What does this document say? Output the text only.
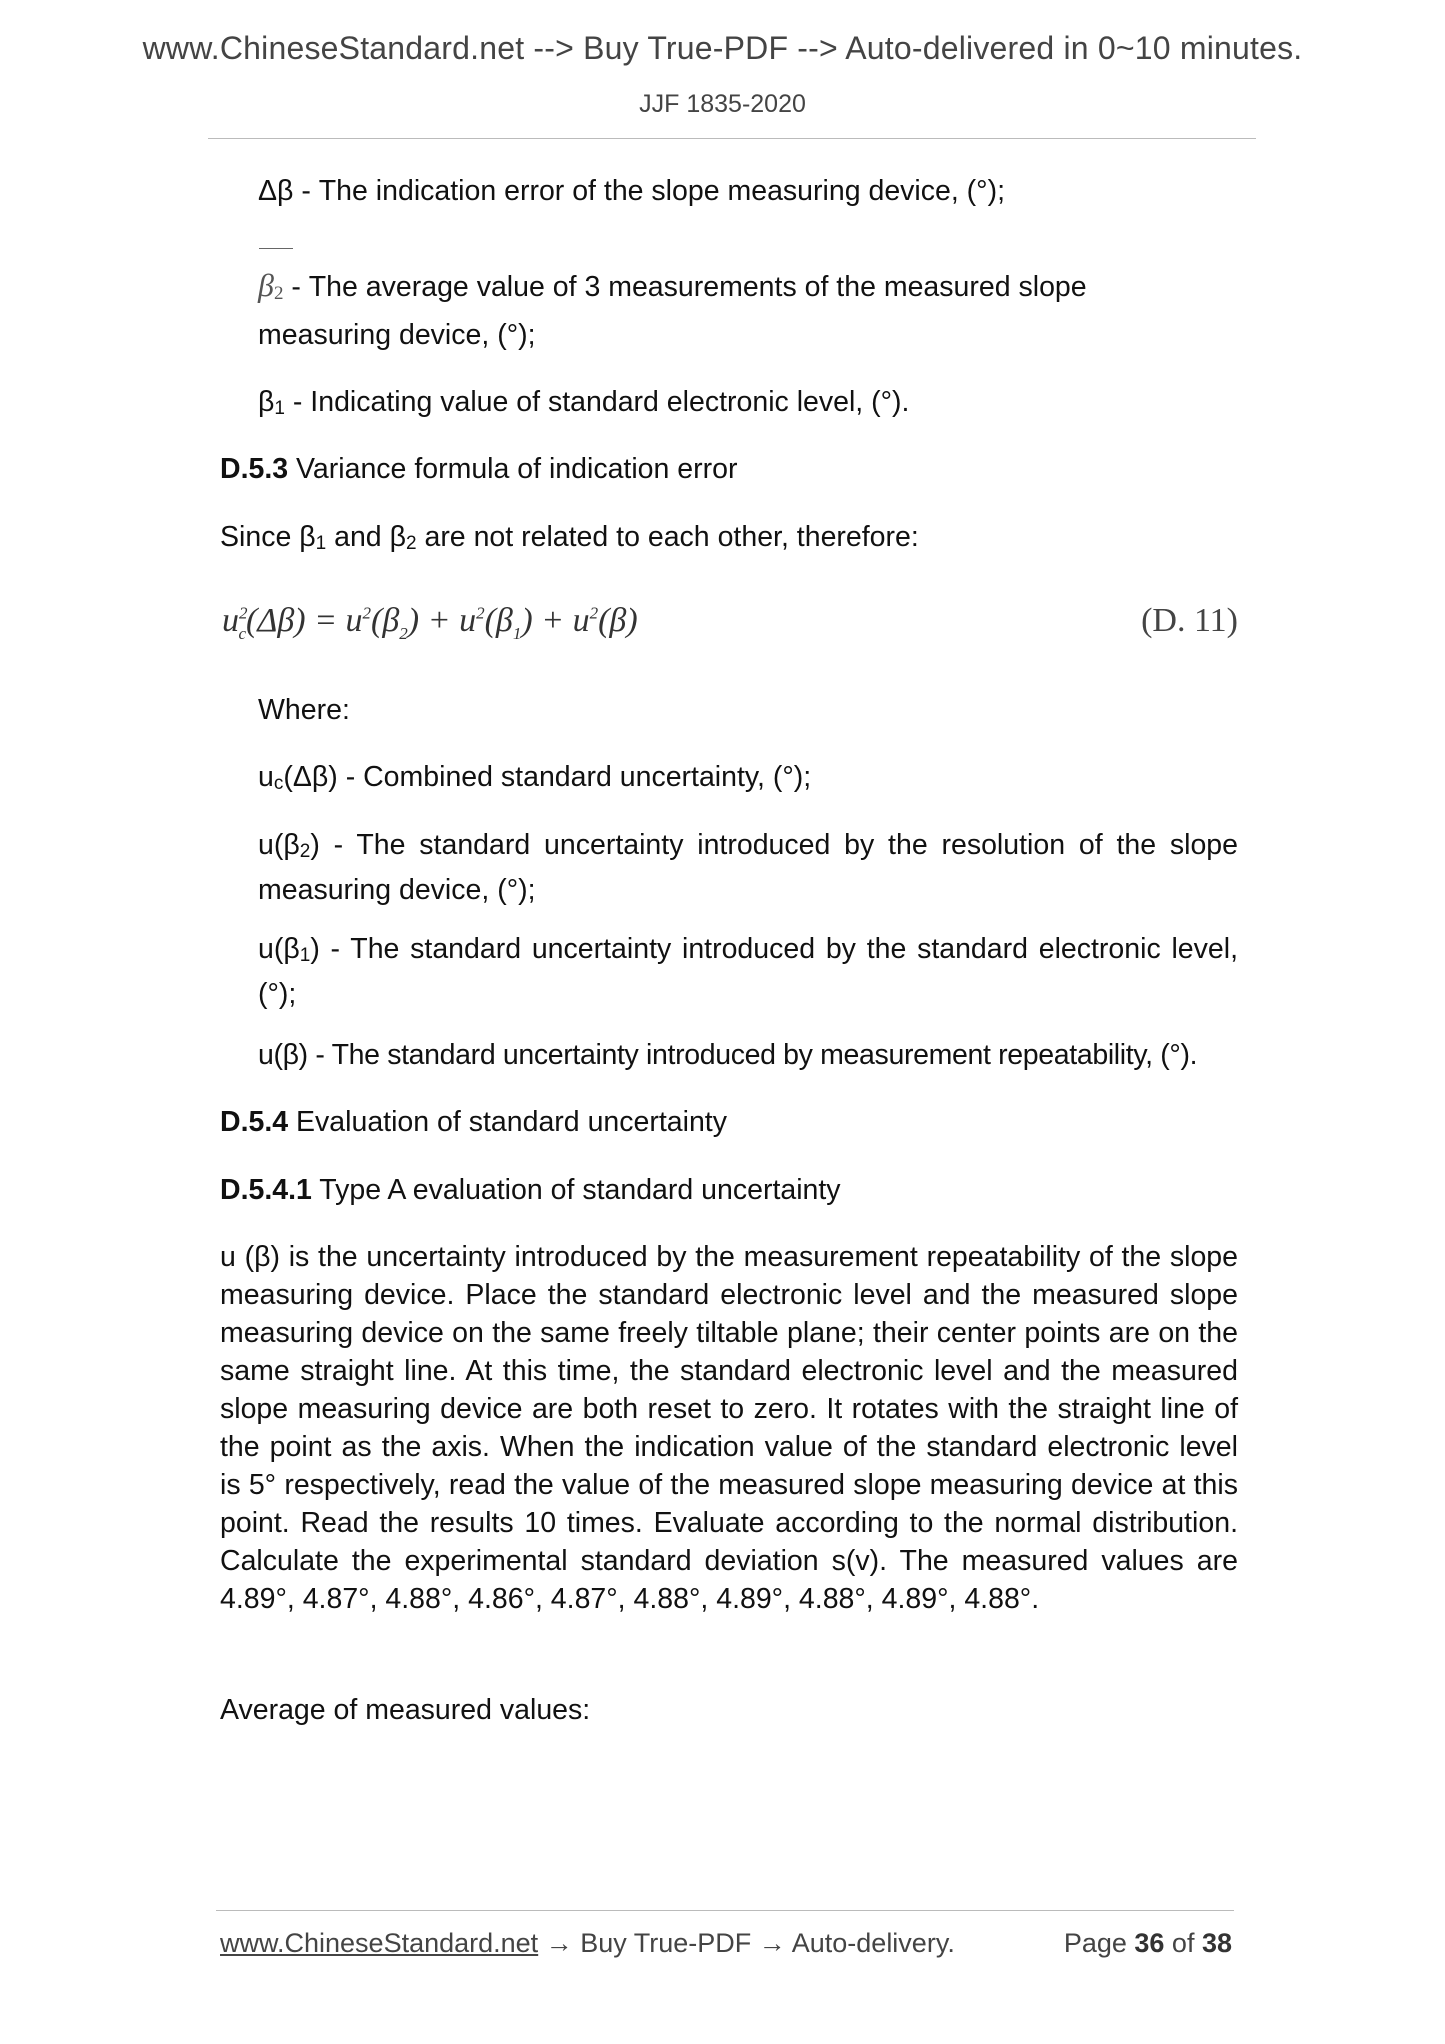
www.ChineseStandard.net --> Buy True-PDF --> Auto-delivered in 0~10 minutes.
JJF 1835-2020
Δβ - The indication error of the slope measuring device, (°);
β2 - The average value of 3 measurements of the measured slope
measuring device, (°);
β1 - Indicating value of standard electronic level, (°).
D.5.3 Variance formula of indication error
Since β1 and β2 are not related to each other, therefore:
$u^2_c(\Delta\beta) = u^2(\beta_2) + u^2(\beta_1) + u^2(\beta)$	(D. 11)
Where:
uc(Δβ) - Combined standard uncertainty, (°);
u(β2) - The standard uncertainty introduced by the resolution of the slope measuring device, (°);
u(β1) - The standard uncertainty introduced by the standard electronic level, (°);
u(β) - The standard uncertainty introduced by measurement repeatability, (°).
D.5.4 Evaluation of standard uncertainty
D.5.4.1 Type A evaluation of standard uncertainty
u (β) is the uncertainty introduced by the measurement repeatability of the slope measuring device. Place the standard electronic level and the measured slope measuring device on the same freely tiltable plane; their center points are on the same straight line. At this time, the standard electronic level and the measured slope measuring device are both reset to zero. It rotates with the straight line of the point as the axis. When the indication value of the standard electronic level is 5° respectively, read the value of the measured slope measuring device at this point. Read the results 10 times. Evaluate according to the normal distribution. Calculate the experimental standard deviation s(v). The measured values are 4.89°, 4.87°, 4.88°, 4.86°, 4.87°, 4.88°, 4.89°, 4.88°, 4.89°, 4.88°.
Average of measured values:
www.ChineseStandard.net → Buy True-PDF → Auto-delivery.	Page 36 of 38
